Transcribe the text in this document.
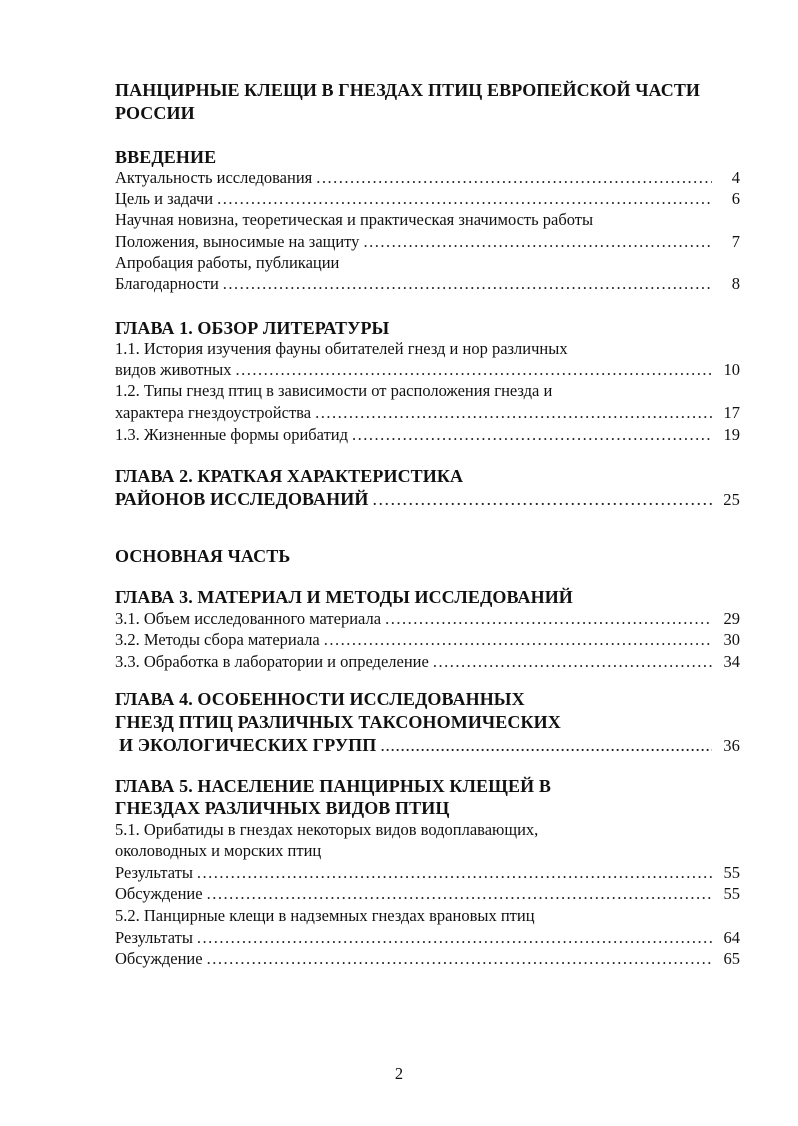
ПАНЦИРНЫЕ КЛЕЩИ В ГНЕЗДАХ ПТИЦ ЕВРОПЕЙСКОЙ ЧАСТИ
РОССИИ
ВВЕДЕНИЕ
Актуальность исследования .....	4
Цель и задачи .....	6
Научная новизна, теоретическая и практическая значимость работы
Положения, выносимые на защиту .....	7
Апробация работы, публикации
Благодарности .....	8
ГЛАВА 1. ОБЗОР ЛИТЕРАТУРЫ
1.1. История изучения фауны обитателей гнезд и нор различных
видов животных .....	10
1.2. Типы гнезд птиц в зависимости от расположения гнезда и
характера гнездоустройства .....	17
1.3. Жизненные формы орибатид .....	19
ГЛАВА 2. КРАТКАЯ ХАРАКТЕРИСТИКА
РАЙОНОВ ИССЛЕДОВАНИЙ .....	25
ОСНОВНАЯ ЧАСТЬ
ГЛАВА 3. МАТЕРИАЛ И МЕТОДЫ ИССЛЕДОВАНИЙ
3.1. Объем исследованного материала .....	29
3.2. Методы сбора материала .....	30
3.3. Обработка в лаборатории и определение .....	34
ГЛАВА 4. ОСОБЕННОСТИ ИССЛЕДОВАННЫХ
ГНЕЗД ПТИЦ РАЗЛИЧНЫХ ТАКСОНОМИЧЕСКИХ
И ЭКОЛОГИЧЕСКИХ ГРУПП .....	36
ГЛАВА 5. НАСЕЛЕНИЕ ПАНЦИРНЫХ КЛЕЩЕЙ В
ГНЕЗДАХ РАЗЛИЧНЫХ ВИДОВ ПТИЦ
5.1. Орибатиды в гнездах некоторых видов водоплавающих,
околоводных и морских птиц
Результаты .....	55
Обсуждение .....	55
5.2. Панцирные клещи в надземных гнездах врановых птиц
Результаты .....	64
Обсуждение .....	65
2
